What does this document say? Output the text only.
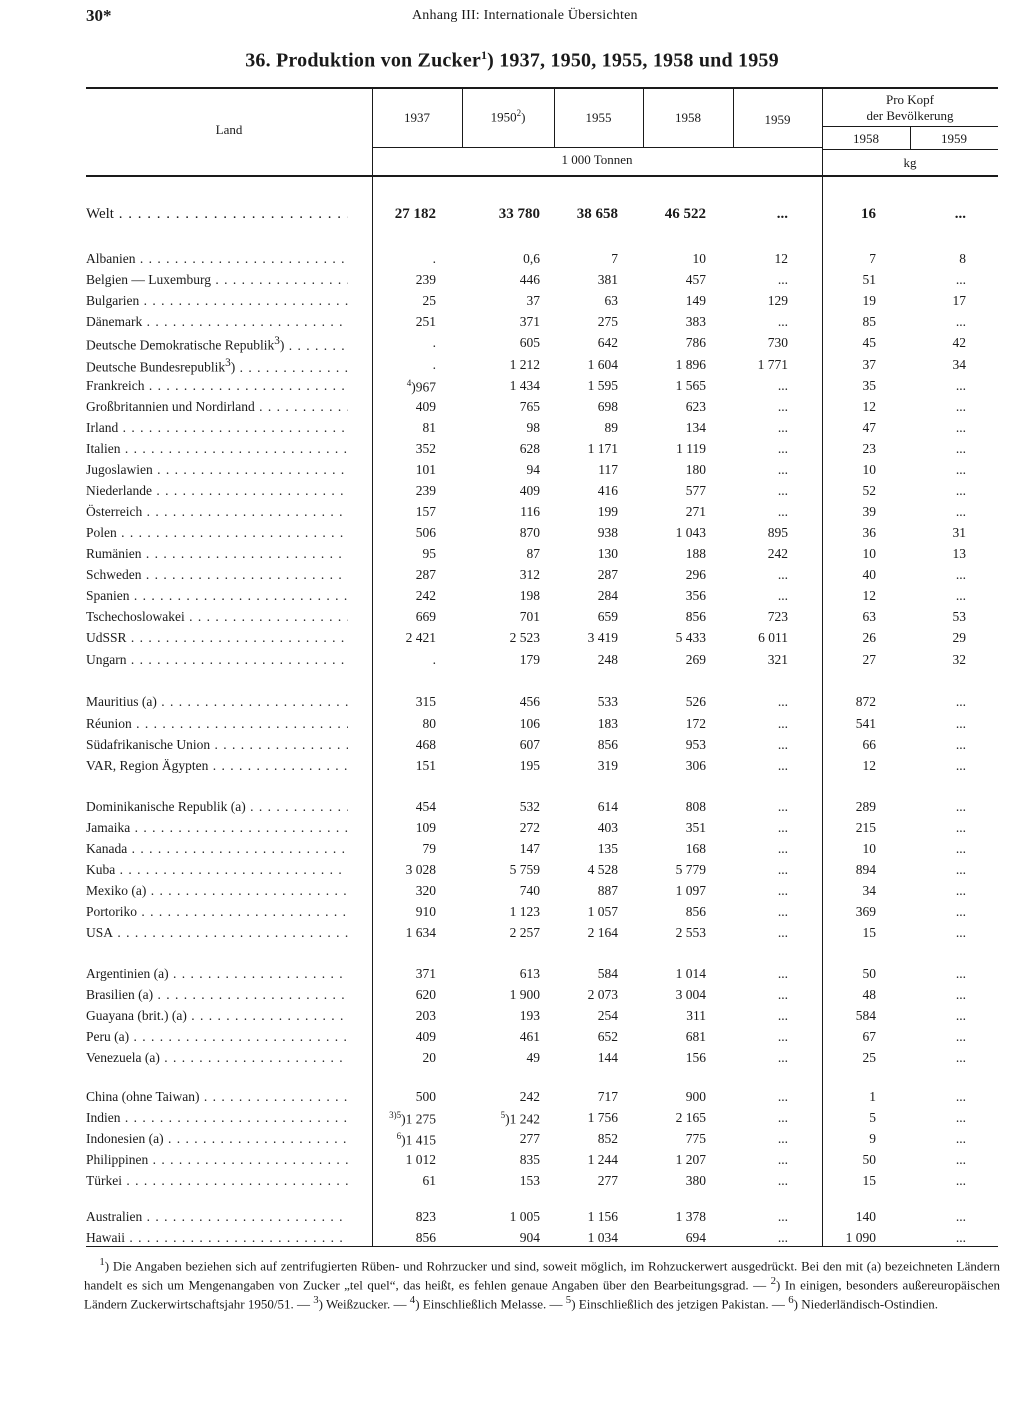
30*	Anhang III: Internationale Übersichten
36. Produktion von Zucker$^1$) 1937, 1950, 1955, 1958 und 1959
Land
1937	1950$^2$)	1955	1958	1959
Pro Kopf
der Bevölkerung
1958	1959
1 000 Tonnen	kg
Welt . . .	27 182	33 780	38 658	46 522	...	16	...
Albanien . . .	.	0,6	7	10	12	7	8
Belgien — Luxemburg . . .	239	446	381	457	...	51	...
Bulgarien . . .	25	37	63	149	129	19	17
Dänemark . . .	251	371	275	383	...	85	...
Deutsche Demokratische Republik$^3$) . . .	.	605	642	786	730	45	42
Deutsche Bundesrepublik$^3$) . . .	.	1 212	1 604	1 896	1 771	37	34
Frankreich . . .	$^4$)967	1 434	1 595	1 565	...	35	...
Großbritannien und Nordirland . . .	409	765	698	623	...	12	...
Irland . . .	81	98	89	134	...	47	...
Italien . . .	352	628	1 171	1 119	...	23	...
Jugoslawien . . .	101	94	117	180	...	10	...
Niederlande . . .	239	409	416	577	...	52	...
Österreich . . .	157	116	199	271	...	39	...
Polen . . .	506	870	938	1 043	895	36	31
Rumänien . . .	95	87	130	188	242	10	13
Schweden . . .	287	312	287	296	...	40	...
Spanien . . .	242	198	284	356	...	12	...
Tschechoslowakei . . .	669	701	659	856	723	63	53
UdSSR . . .	2 421	2 523	3 419	5 433	6 011	26	29
Ungarn . . .	.	179	248	269	321	27	32
Mauritius (a) . . .	315	456	533	526	...	872	...
Réunion . . .	80	106	183	172	...	541	...
Südafrikanische Union . . .	468	607	856	953	...	66	...
VAR, Region Ägypten . . .	151	195	319	306	...	12	...
Dominikanische Republik (a) . . .	454	532	614	808	...	289	...
Jamaika . . .	109	272	403	351	...	215	...
Kanada . . .	79	147	135	168	...	10	...
Kuba . . .	3 028	5 759	4 528	5 779	...	894	...
Mexiko (a) . . .	320	740	887	1 097	...	34	...
Portoriko . . .	910	1 123	1 057	856	...	369	...
USA . . .	1 634	2 257	2 164	2 553	...	15	...
Argentinien (a) . . .	371	613	584	1 014	...	50	...
Brasilien (a) . . .	620	1 900	2 073	3 004	...	48	...
Guayana (brit.) (a) . . .	203	193	254	311	...	584	...
Peru (a) . . .	409	461	652	681	...	67	...
Venezuela (a) . . .	20	49	144	156	...	25	...
China (ohne Taiwan) . . .	500	242	717	900	...	1	...
Indien . . .	$^{3)5}$)1 275	$^5$)1 242	1 756	2 165	...	5	...
Indonesien (a) . . .	$^6$)1 415	277	852	775	...	9	...
Philippinen . . .	1 012	835	1 244	1 207	...	50	...
Türkei . . .	61	153	277	380	...	15	...
Australien . . .	823	1 005	1 156	1 378	...	140	...
Hawaii . . .	856	904	1 034	694	...	1 090	...

$^1$) Die Angaben beziehen sich auf zentrifugierten Rüben- und Rohrzucker und sind, soweit möglich, im Rohzuckerwert ausgedrückt. Bei den mit (a) bezeichneten Ländern handelt es sich um Mengenangaben von Zucker „tel quel“, das heißt, es fehlen genaue Angaben über den Bearbeitungsgrad. — $^2$) In einigen, besonders außereuropäischen Ländern Zuckerwirtschaftsjahr 1950/51. — $^3$) Weißzucker. — $^4$) Einschließlich Melasse. — $^5$) Einschließlich des jetzigen Pakistan. — $^6$) Niederländisch-Ostindien.
